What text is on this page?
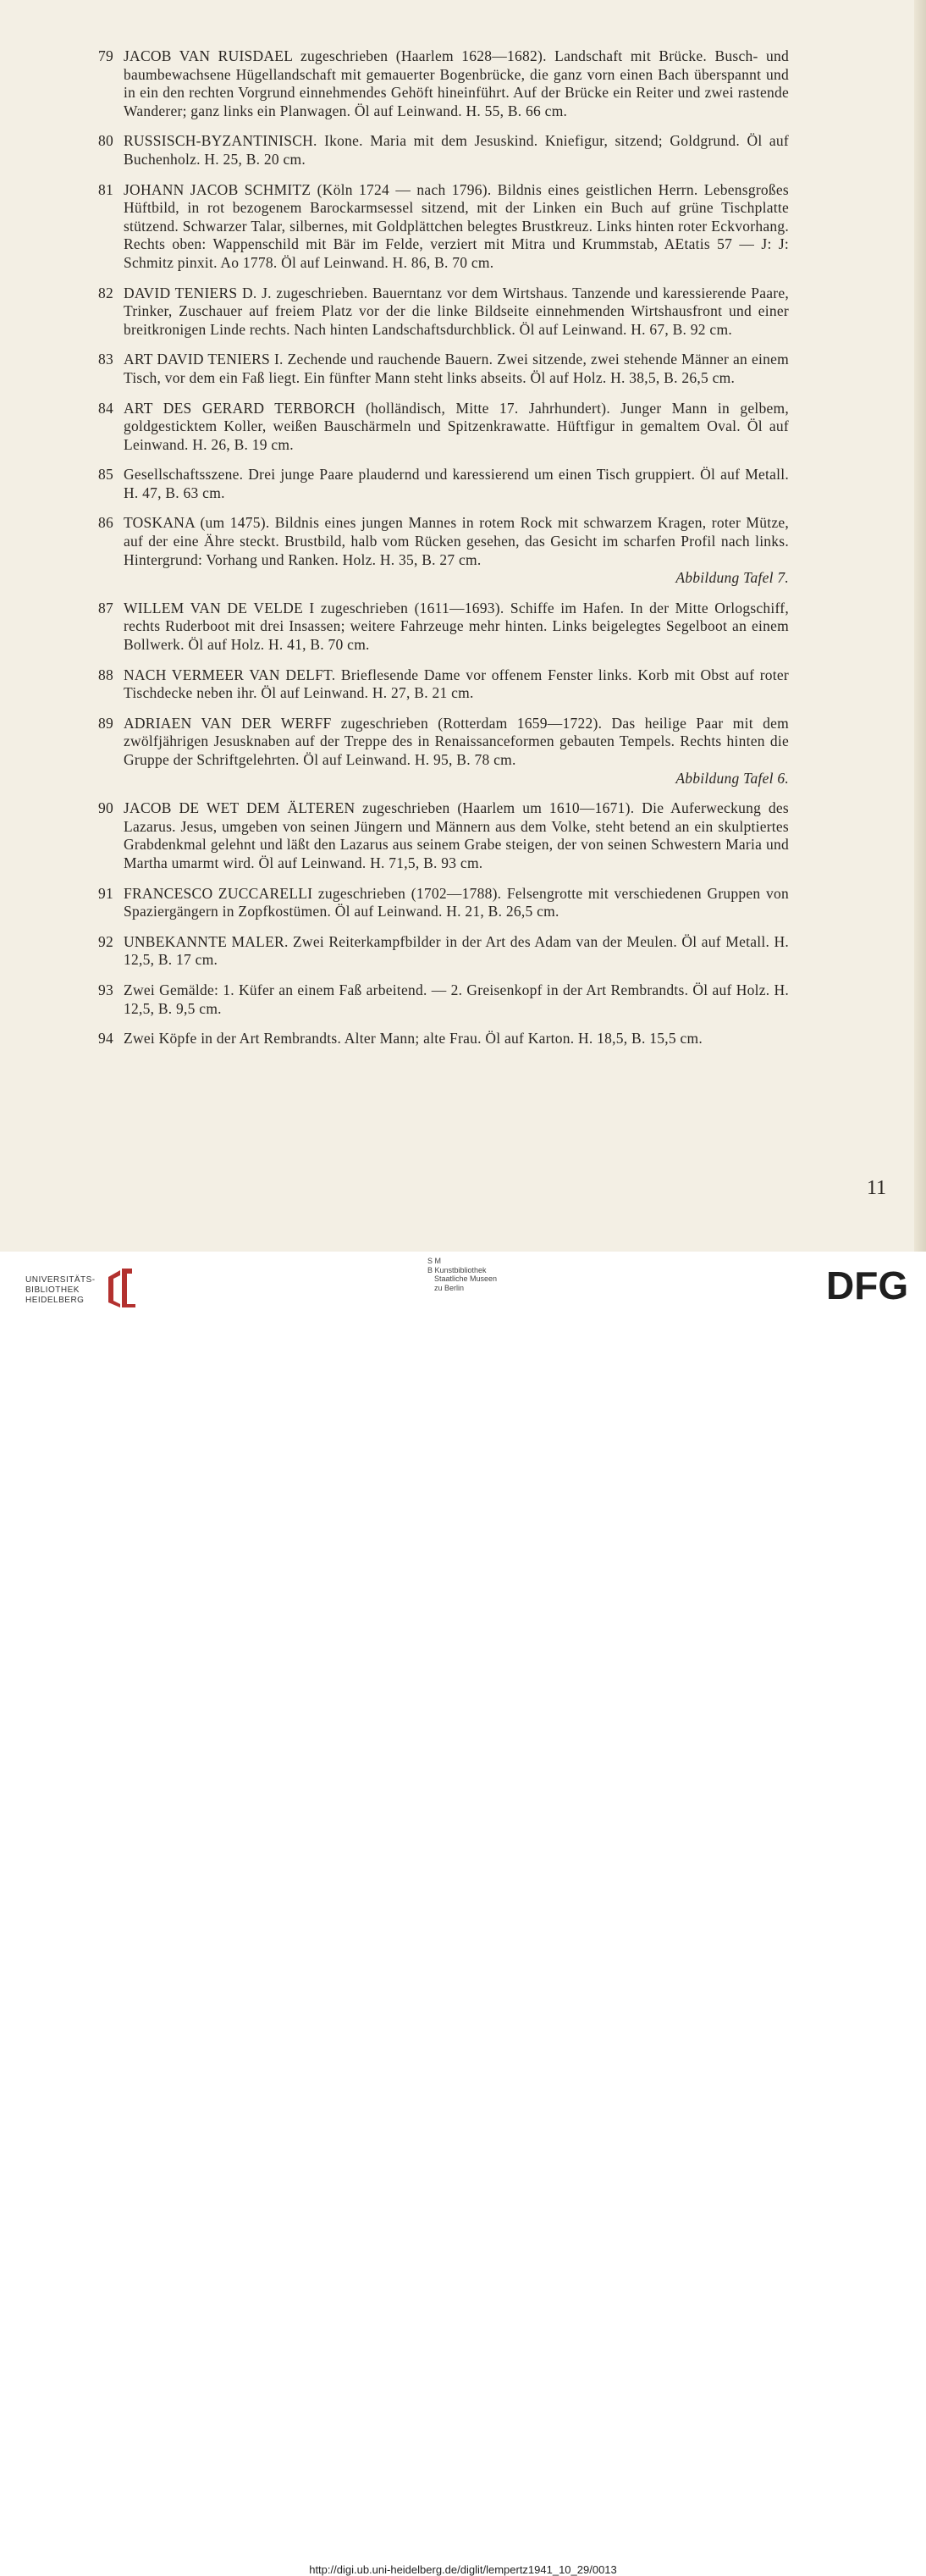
79 JACOB VAN RUISDAEL zugeschrieben (Haarlem 1628—1682). Landschaft mit Brücke. Busch- und baumbewachsene Hügellandschaft mit gemauerter Bogenbrücke, die ganz vorn einen Bach überspannt und in ein den rechten Vorgrund einnehmendes Gehöft hineinführt. Auf der Brücke ein Reiter und zwei rastende Wanderer; ganz links ein Planwagen. Öl auf Leinwand. H. 55, B. 66 cm.
80 RUSSISCH-BYZANTINISCH. Ikone. Maria mit dem Jesuskind. Kniefigur, sitzend; Goldgrund. Öl auf Buchenholz. H. 25, B. 20 cm.
81 JOHANN JACOB SCHMITZ (Köln 1724 — nach 1796). Bildnis eines geistlichen Herrn. Lebensgroßes Hüftbild, in rot bezogenem Barockarmsessel sitzend, mit der Linken ein Buch auf grüne Tischplatte stützend. Schwarzer Talar, silbernes, mit Goldplättchen belegtes Brustkreuz. Links hinten roter Eckvorhang. Rechts oben: Wappenschild mit Bär im Felde, verziert mit Mitra und Krummstab, AEtatis 57 — J: J: Schmitz pinxit. Ao 1778. Öl auf Leinwand. H. 86, B. 70 cm.
82 DAVID TENIERS D. J. zugeschrieben. Bauerntanz vor dem Wirtshaus. Tanzende und karessierende Paare, Trinker, Zuschauer auf freiem Platz vor der die linke Bildseite einnehmenden Wirtshausfront und einer breitkronigen Linde rechts. Nach hinten Landschaftsdurchblick. Öl auf Leinwand. H. 67, B. 92 cm.
83 ART DAVID TENIERS I. Zechende und rauchende Bauern. Zwei sitzende, zwei stehende Männer an einem Tisch, vor dem ein Faß liegt. Ein fünfter Mann steht links abseits. Öl auf Holz. H. 38,5, B. 26,5 cm.
84 ART DES GERARD TERBORCH (holländisch, Mitte 17. Jahrhundert). Junger Mann in gelbem, goldgesticktem Koller, weißen Bauschärmeln und Spitzenkrawatte. Hüftfigur in gemaltem Oval. Öl auf Leinwand. H. 26, B. 19 cm.
85 Gesellschaftsszene. Drei junge Paare plaudernd und karessierend um einen Tisch gruppiert. Öl auf Metall. H. 47, B. 63 cm.
86 TOSKANA (um 1475). Bildnis eines jungen Mannes in rotem Rock mit schwarzem Kragen, roter Mütze, auf der eine Ähre steckt. Brustbild, halb vom Rücken gesehen, das Gesicht im scharfen Profil nach links. Hintergrund: Vorhang und Ranken. Holz. H. 35, B. 27 cm.
Abbildung Tafel 7.
87 WILLEM VAN DE VELDE I zugeschrieben (1611—1693). Schiffe im Hafen. In der Mitte Orlogschiff, rechts Ruderboot mit drei Insassen; weitere Fahrzeuge mehr hinten. Links beigelegtes Segelboot an einem Bollwerk. Öl auf Holz. H. 41, B. 70 cm.
88 NACH VERMEER VAN DELFT. Brieflesende Dame vor offenem Fenster links. Korb mit Obst auf roter Tischdecke neben ihr. Öl auf Leinwand. H. 27, B. 21 cm.
89 ADRIAEN VAN DER WERFF zugeschrieben (Rotterdam 1659—1722). Das heilige Paar mit dem zwölfjährigen Jesusknaben auf der Treppe des in Renaissanceformen gebauten Tempels. Rechts hinten die Gruppe der Schriftgelehrten. Öl auf Leinwand. H. 95, B. 78 cm.
Abbildung Tafel 6.
90 JACOB DE WET DEM ÄLTEREN zugeschrieben (Haarlem um 1610—1671). Die Auferweckung des Lazarus. Jesus, umgeben von seinen Jüngern und Männern aus dem Volke, steht betend an ein skulptiertes Grabdenkmal gelehnt und läßt den Lazarus aus seinem Grabe steigen, der von seinen Schwestern Maria und Martha umarmt wird. Öl auf Leinwand. H. 71,5, B. 93 cm.
91 FRANCESCO ZUCCARELLI zugeschrieben (1702—1788). Felsengrotte mit verschiedenen Gruppen von Spaziergängern in Zopfkostümen. Öl auf Leinwand. H. 21, B. 26,5 cm.
92 UNBEKANNTE MALER. Zwei Reiterkampfbilder in der Art des Adam van der Meulen. Öl auf Metall. H. 12,5, B. 17 cm.
93 Zwei Gemälde: 1. Küfer an einem Faß arbeitend. — 2. Greisenkopf in der Art Rembrandts. Öl auf Holz. H. 12,5, B. 9,5 cm.
94 Zwei Köpfe in der Art Rembrandts. Alter Mann; alte Frau. Öl auf Karton. H. 18,5, B. 15,5 cm.
11
UNIVERSITÄTS-
BIBLIOTHEK
HEIDELBERG
S M
B Kunstbibliothek
Staatliche Museen
zu Berlin	DFG
http://digi.ub.uni-heidelberg.de/diglit/lempertz1941_10_29/0013
